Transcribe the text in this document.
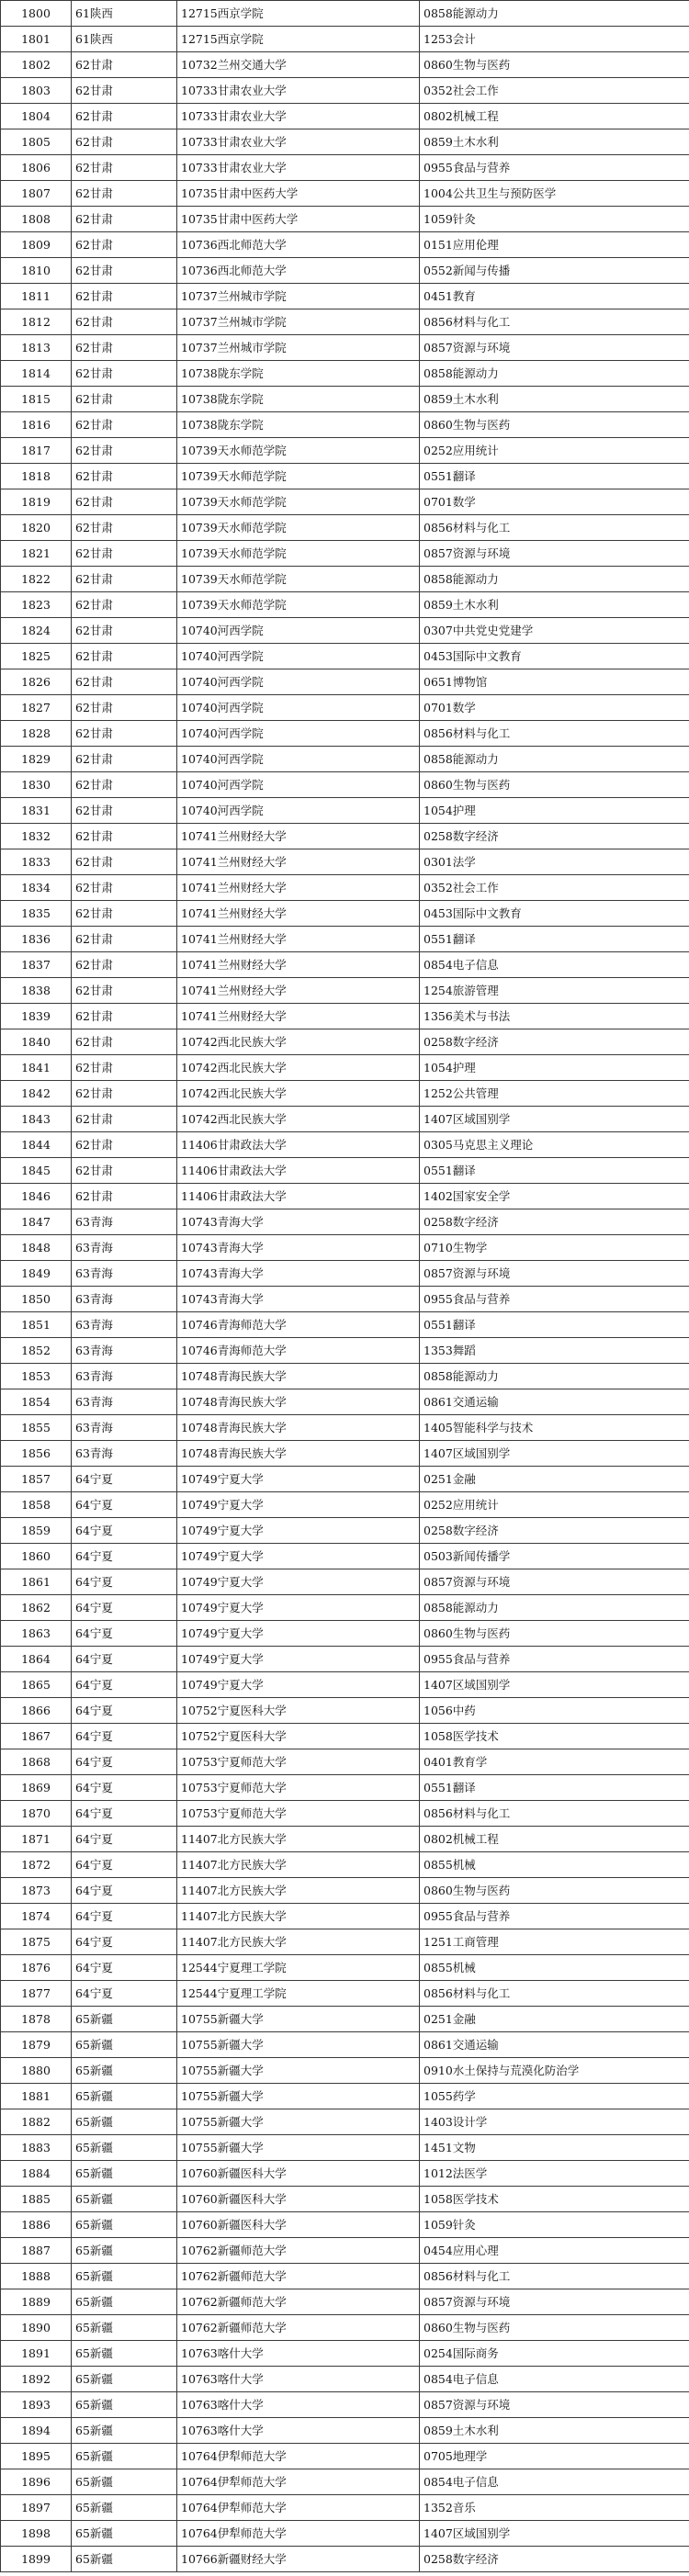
1800	61陕西	12715西京学院	0858能源动力
1801	61陕西	12715西京学院	1253会计
1802	62甘肃	10732兰州交通大学	0860生物与医药
1803	62甘肃	10733甘肃农业大学	0352社会工作
1804	62甘肃	10733甘肃农业大学	0802机械工程
1805	62甘肃	10733甘肃农业大学	0859土木水利
1806	62甘肃	10733甘肃农业大学	0955食品与营养
1807	62甘肃	10735甘肃中医药大学	1004公共卫生与预防医学
1808	62甘肃	10735甘肃中医药大学	1059针灸
1809	62甘肃	10736西北师范大学	0151应用伦理
1810	62甘肃	10736西北师范大学	0552新闻与传播
1811	62甘肃	10737兰州城市学院	0451教育
1812	62甘肃	10737兰州城市学院	0856材料与化工
1813	62甘肃	10737兰州城市学院	0857资源与环境
1814	62甘肃	10738陇东学院	0858能源动力
1815	62甘肃	10738陇东学院	0859土木水利
1816	62甘肃	10738陇东学院	0860生物与医药
1817	62甘肃	10739天水师范学院	0252应用统计
1818	62甘肃	10739天水师范学院	0551翻译
1819	62甘肃	10739天水师范学院	0701数学
1820	62甘肃	10739天水师范学院	0856材料与化工
1821	62甘肃	10739天水师范学院	0857资源与环境
1822	62甘肃	10739天水师范学院	0858能源动力
1823	62甘肃	10739天水师范学院	0859土木水利
1824	62甘肃	10740河西学院	0307中共党史党建学
1825	62甘肃	10740河西学院	0453国际中文教育
1826	62甘肃	10740河西学院	0651博物馆
1827	62甘肃	10740河西学院	0701数学
1828	62甘肃	10740河西学院	0856材料与化工
1829	62甘肃	10740河西学院	0858能源动力
1830	62甘肃	10740河西学院	0860生物与医药
1831	62甘肃	10740河西学院	1054护理
1832	62甘肃	10741兰州财经大学	0258数字经济
1833	62甘肃	10741兰州财经大学	0301法学
1834	62甘肃	10741兰州财经大学	0352社会工作
1835	62甘肃	10741兰州财经大学	0453国际中文教育
1836	62甘肃	10741兰州财经大学	0551翻译
1837	62甘肃	10741兰州财经大学	0854电子信息
1838	62甘肃	10741兰州财经大学	1254旅游管理
1839	62甘肃	10741兰州财经大学	1356美术与书法
1840	62甘肃	10742西北民族大学	0258数字经济
1841	62甘肃	10742西北民族大学	1054护理
1842	62甘肃	10742西北民族大学	1252公共管理
1843	62甘肃	10742西北民族大学	1407区域国别学
1844	62甘肃	11406甘肃政法大学	0305马克思主义理论
1845	62甘肃	11406甘肃政法大学	0551翻译
1846	62甘肃	11406甘肃政法大学	1402国家安全学
1847	63青海	10743青海大学	0258数字经济
1848	63青海	10743青海大学	0710生物学
1849	63青海	10743青海大学	0857资源与环境
1850	63青海	10743青海大学	0955食品与营养
1851	63青海	10746青海师范大学	0551翻译
1852	63青海	10746青海师范大学	1353舞蹈
1853	63青海	10748青海民族大学	0858能源动力
1854	63青海	10748青海民族大学	0861交通运输
1855	63青海	10748青海民族大学	1405智能科学与技术
1856	63青海	10748青海民族大学	1407区域国别学
1857	64宁夏	10749宁夏大学	0251金融
1858	64宁夏	10749宁夏大学	0252应用统计
1859	64宁夏	10749宁夏大学	0258数字经济
1860	64宁夏	10749宁夏大学	0503新闻传播学
1861	64宁夏	10749宁夏大学	0857资源与环境
1862	64宁夏	10749宁夏大学	0858能源动力
1863	64宁夏	10749宁夏大学	0860生物与医药
1864	64宁夏	10749宁夏大学	0955食品与营养
1865	64宁夏	10749宁夏大学	1407区域国别学
1866	64宁夏	10752宁夏医科大学	1056中药
1867	64宁夏	10752宁夏医科大学	1058医学技术
1868	64宁夏	10753宁夏师范大学	0401教育学
1869	64宁夏	10753宁夏师范大学	0551翻译
1870	64宁夏	10753宁夏师范大学	0856材料与化工
1871	64宁夏	11407北方民族大学	0802机械工程
1872	64宁夏	11407北方民族大学	0855机械
1873	64宁夏	11407北方民族大学	0860生物与医药
1874	64宁夏	11407北方民族大学	0955食品与营养
1875	64宁夏	11407北方民族大学	1251工商管理
1876	64宁夏	12544宁夏理工学院	0855机械
1877	64宁夏	12544宁夏理工学院	0856材料与化工
1878	65新疆	10755新疆大学	0251金融
1879	65新疆	10755新疆大学	0861交通运输
1880	65新疆	10755新疆大学	0910水土保持与荒漠化防治学
1881	65新疆	10755新疆大学	1055药学
1882	65新疆	10755新疆大学	1403设计学
1883	65新疆	10755新疆大学	1451文物
1884	65新疆	10760新疆医科大学	1012法医学
1885	65新疆	10760新疆医科大学	1058医学技术
1886	65新疆	10760新疆医科大学	1059针灸
1887	65新疆	10762新疆师范大学	0454应用心理
1888	65新疆	10762新疆师范大学	0856材料与化工
1889	65新疆	10762新疆师范大学	0857资源与环境
1890	65新疆	10762新疆师范大学	0860生物与医药
1891	65新疆	10763喀什大学	0254国际商务
1892	65新疆	10763喀什大学	0854电子信息
1893	65新疆	10763喀什大学	0857资源与环境
1894	65新疆	10763喀什大学	0859土木水利
1895	65新疆	10764伊犁师范大学	0705地理学
1896	65新疆	10764伊犁师范大学	0854电子信息
1897	65新疆	10764伊犁师范大学	1352音乐
1898	65新疆	10764伊犁师范大学	1407区域国别学
1899	65新疆	10766新疆财经大学	0258数字经济
